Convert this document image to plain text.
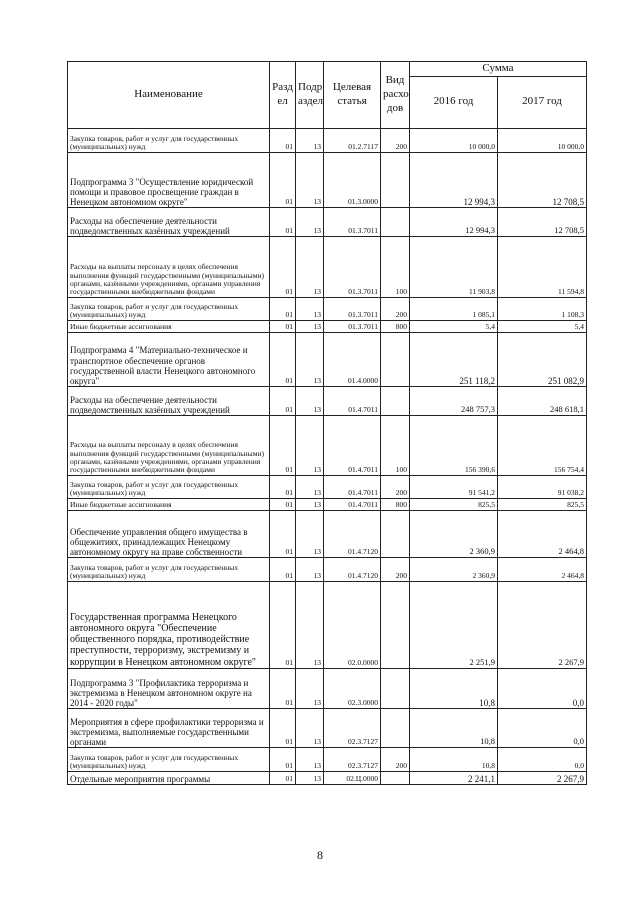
Наименование	Разд ел	Подр аздел	Целевая статья	Вид расхо дов	Сумма	
					2016 год	2017 год
Закупка товаров, работ и услуг для государственных (муниципальных) нужд	01	13	01.2.7117	200	10 000,0	10 000,0
Подпрограмма 3 "Осуществление юридической помощи и правовое просвещение граждан в Ненецком автономном округе"	01	13	01.3.0000		12 994,3	12 708,5
Расходы на обеспечение деятельности подведомственных казённых учреждений	01	13	01.3.7011		12 994,3	12 708,5
Расходы на выплаты персоналу в целях обеспечения выполнения функций государственными (муниципальными) органами, казёнными учреждениями, органами управления государственными внебюджетными фондами	01	13	01.3.7011	100	11 903,8	11 594,8
Закупка товаров, работ и услуг для государственных (муниципальных) нужд	01	13	01.3.7011	200	1 085,1	1 108,3
Иные бюджетные ассигнования	01	13	01.3.7011	800	5,4	5,4
Подпрограмма 4 "Материально-техническое и транспортное обеспечение органов государственной власти Ненецкого автономного округа"	01	13	01.4.0000		251 118,2	251 082,9
Расходы на обеспечение деятельности подведомственных казённых учреждений	01	13	01.4.7011		248 757,3	248 618,1
Расходы на выплаты персоналу в целях обеспечения выполнения функций государственными (муниципальными) органами, казёнными учреждениями, органами управления государственными внебюджетными фондами	01	13	01.4.7011	100	156 390,6	156 754,4
Закупка товаров, работ и услуг для государственных (муниципальных) нужд	01	13	01.4.7011	200	91 541,2	91 038,2
Иные бюджетные ассигнования	01	13	01.4.7011	800	825,5	825,5
Обеспечение управления общего имущества в общежитиях, принадлежащих Ненецкому автономному округу на праве собственности	01	13	01.4.7120		2 360,9	2 464,8
Закупка товаров, работ и услуг для государственных (муниципальных) нужд	01	13	01.4.7120	200	2 360,9	2 464,8
Государственная программа Ненецкого автономного округа "Обеспечение общественного порядка, противодействие преступности, терроризму, экстремизму и коррупции в Ненецком автономном округе"	01	13	02.0.0000		2 251,9	2 267,9
Подпрограмма 3 "Профилактика терроризма и экстремизма в Ненецком автономном округе на 2014 - 2020 годы"	01	13	02.3.0000		10,8	0,0
Мероприятия в сфере профилактики терроризма и экстремизма, выполняемые государственными органами	01	13	02.3.7127		10,8	0,0
Закупка товаров, работ и услуг для государственных (муниципальных) нужд	01	13	02.3.7127	200	10,8	0,0
Отдельные мероприятия программы	01	13	02.Ц.0000		2 241,1	2 267,9
8
